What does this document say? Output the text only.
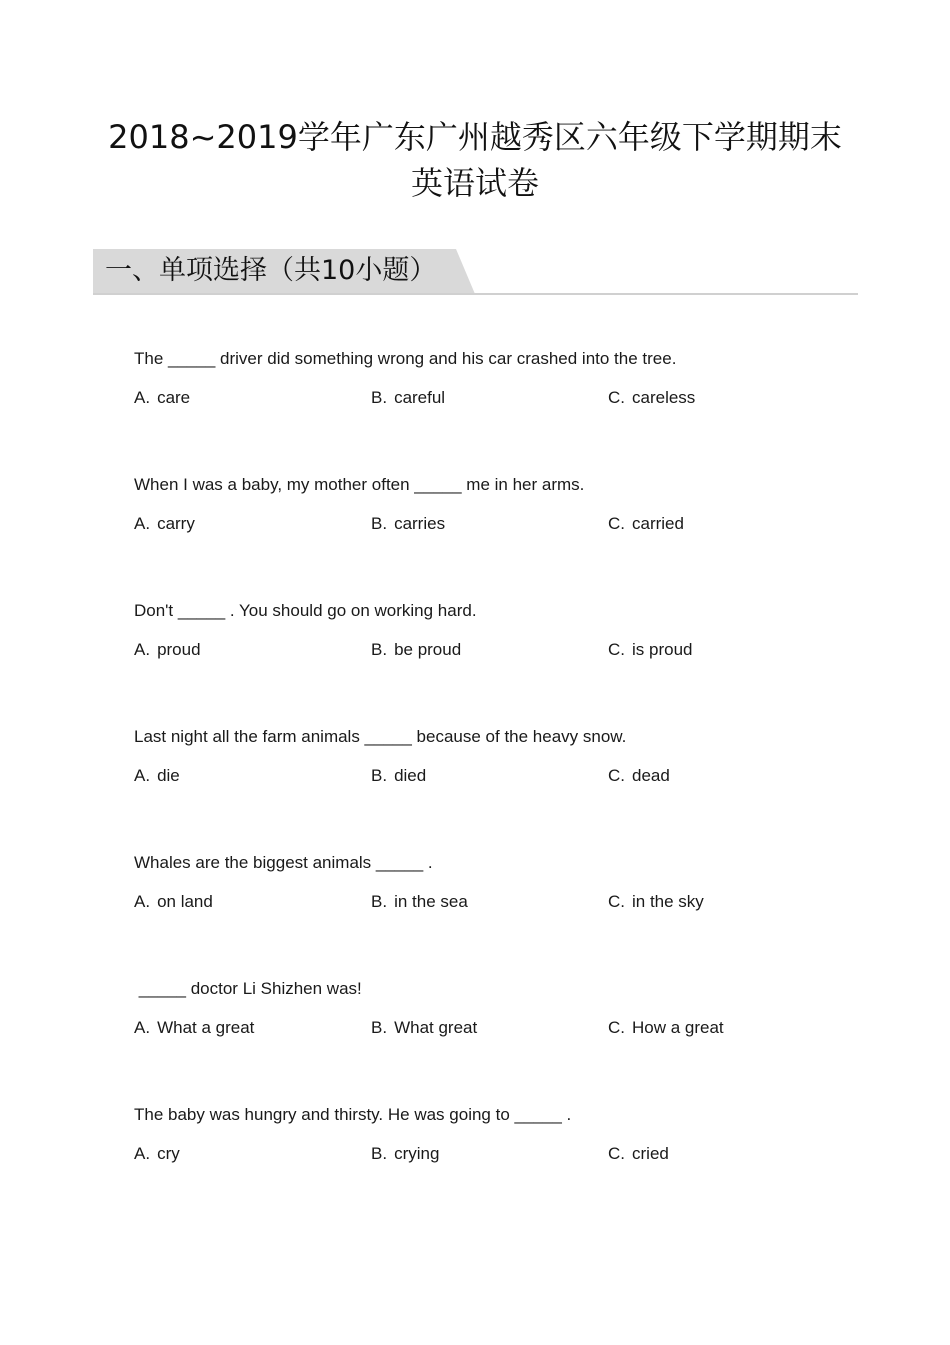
2018~2019学年广东广州越秀区六年级下学期期末
英语试卷
一、单项选择（共10小题）
The _____ driver did something wrong and his car crashed into the tree.
A. care	B. careful	C. careless
When I was a baby, my mother often _____ me in her arms.
A. carry	B. carries	C. carried
Don't _____ . You should go on working hard.
A. proud	B. be proud	C. is proud
Last night all the farm animals _____ because of the heavy snow.
A. die	B. died	C. dead
Whales are the biggest animals _____ .
A. on land	B. in the sea	C. in the sky
_____ doctor Li Shizhen was!
A. What a great	B. What great	C. How a great
The baby was hungry and thirsty. He was going to _____ .
A. cry	B. crying	C. cried
